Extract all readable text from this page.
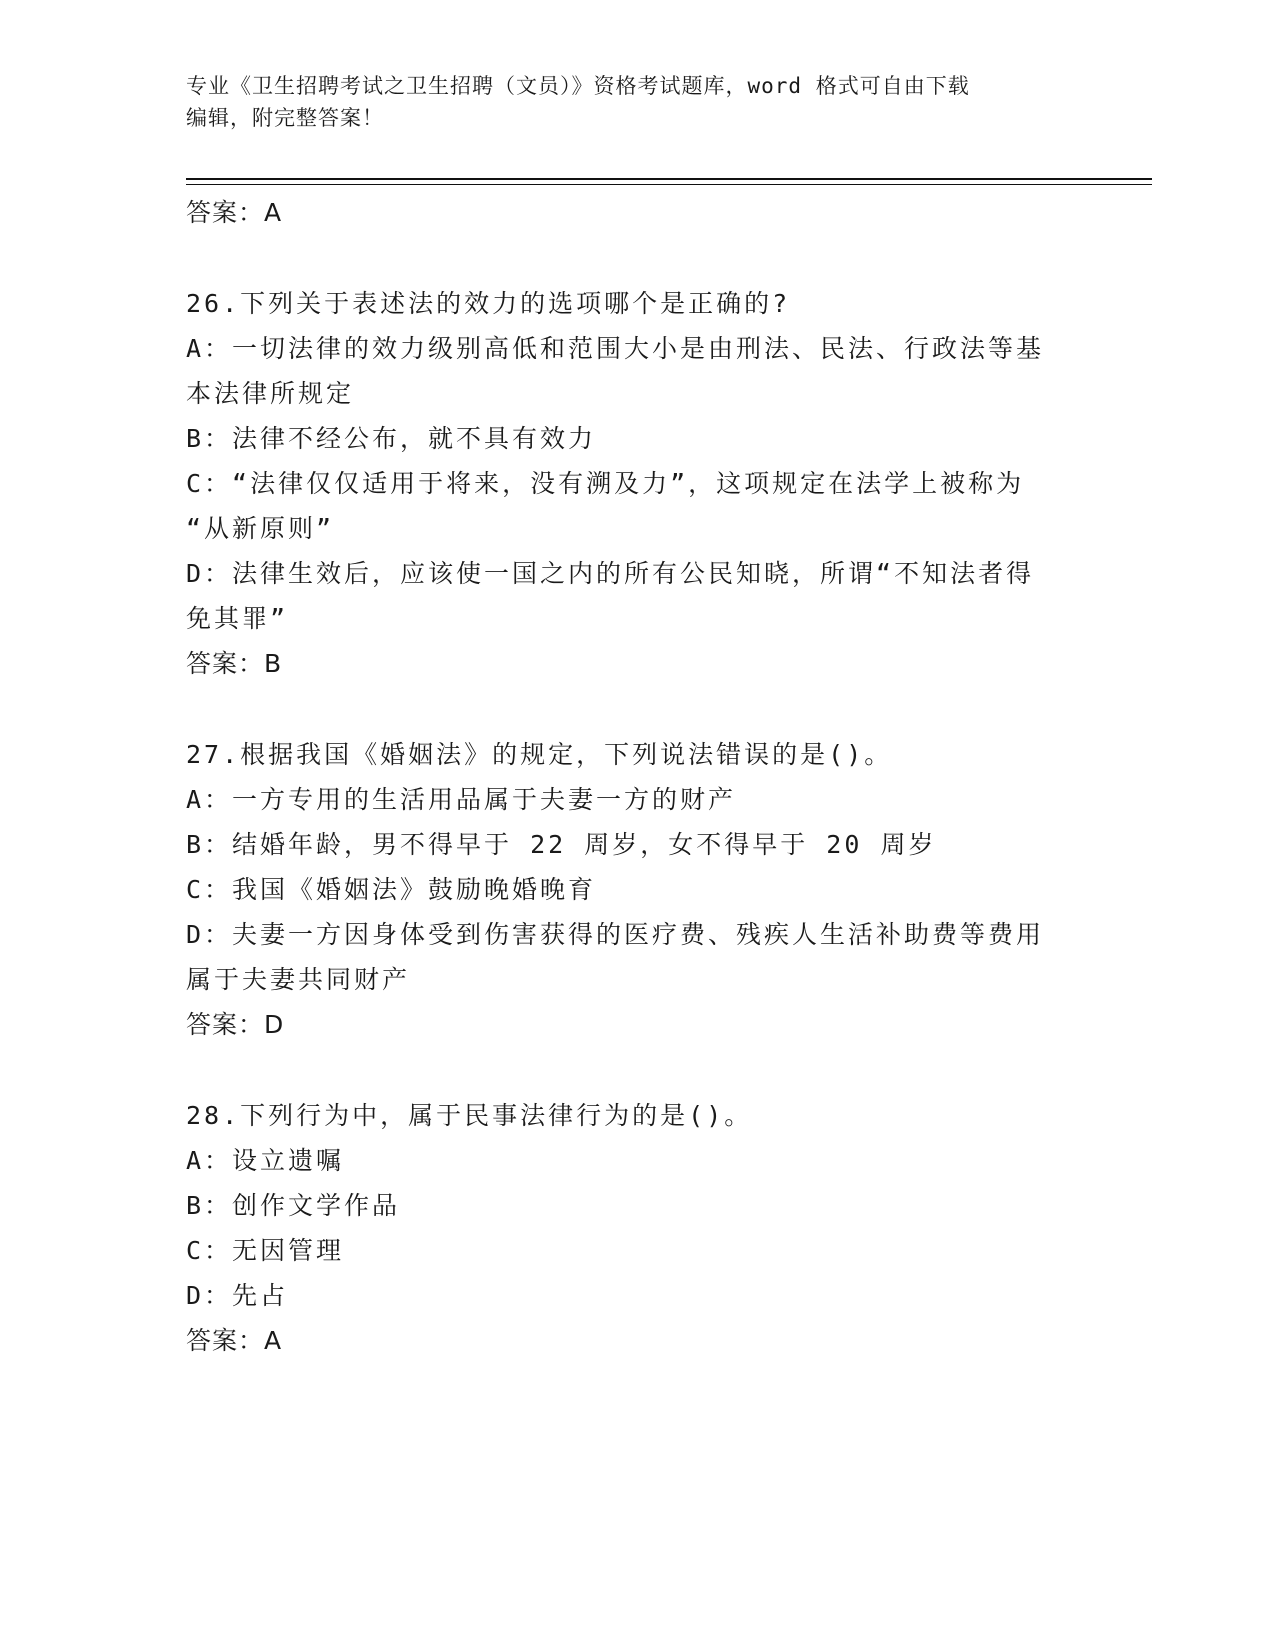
专业《卫生招聘考试之卫生招聘（文员）》资格考试题库，word 格式可自由下载
编辑，附完整答案！
答案：A
26.下列关于表述法的效力的选项哪个是正确的?
A：一切法律的效力级别高低和范围大小是由刑法、民法、行政法等基
本法律所规定
B：法律不经公布，就不具有效力
C：“法律仅仅适用于将来，没有溯及力”，这项规定在法学上被称为
“从新原则”
D：法律生效后，应该使一国之内的所有公民知晓，所谓“不知法者得
免其罪”
答案：B
27.根据我国《婚姻法》的规定，下列说法错误的是()。
A：一方专用的生活用品属于夫妻一方的财产
B：结婚年龄，男不得早于 22 周岁，女不得早于 20 周岁
C：我国《婚姻法》鼓励晚婚晚育
D：夫妻一方因身体受到伤害获得的医疗费、残疾人生活补助费等费用
属于夫妻共同财产
答案：D
28.下列行为中，属于民事法律行为的是()。
A：设立遗嘱
B：创作文学作品
C：无因管理
D：先占
答案：A
